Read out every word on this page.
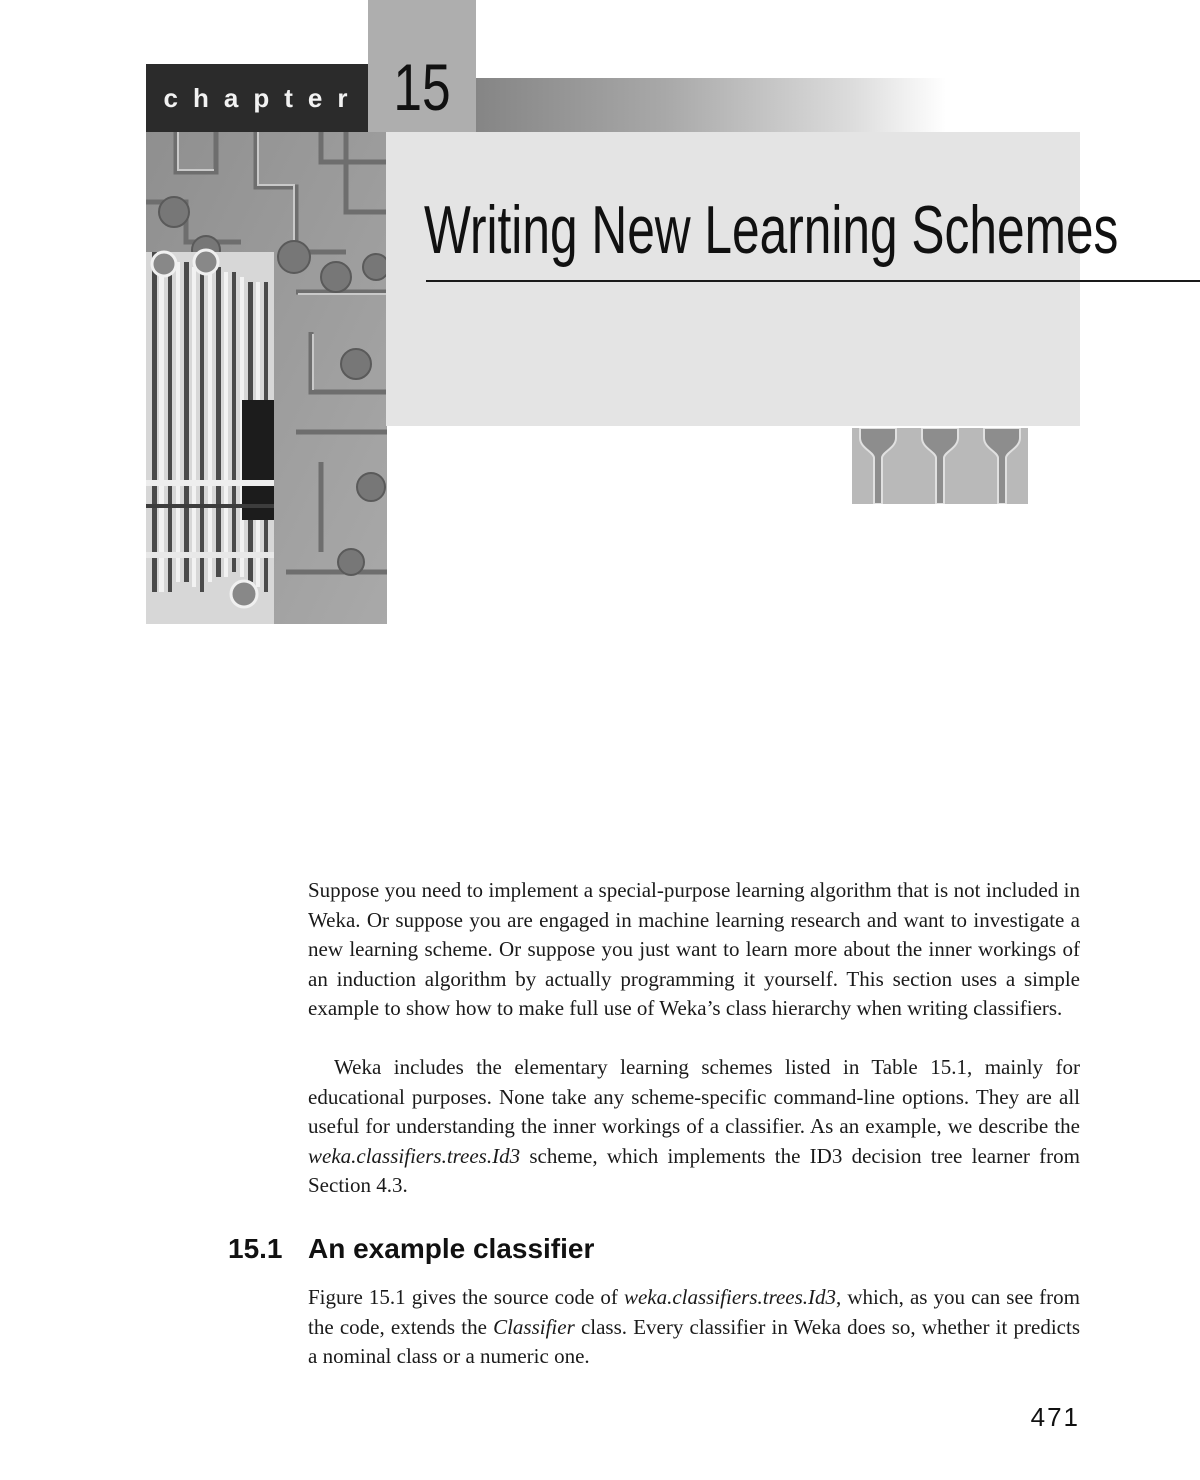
chapter 15
Writing New Learning Schemes

Suppose you need to implement a special-purpose learning algorithm that is not included in Weka. Or suppose you are engaged in machine learning research and want to investigate a new learning scheme. Or suppose you just want to learn more about the inner workings of an induction algorithm by actually programming it yourself. This section uses a simple example to show how to make full use of Weka’s class hierarchy when writing classifiers.

Weka includes the elementary learning schemes listed in Table 15.1, mainly for educational purposes. None take any scheme-specific command-line options. They are all useful for understanding the inner workings of a classifier. As an example, we describe the weka.classifiers.trees.Id3 scheme, which implements the ID3 decision tree learner from Section 4.3.

15.1 An example classifier

Figure 15.1 gives the source code of weka.classifiers.trees.Id3, which, as you can see from the code, extends the Classifier class. Every classifier in Weka does so, whether it predicts a nominal class or a numeric one.

471
